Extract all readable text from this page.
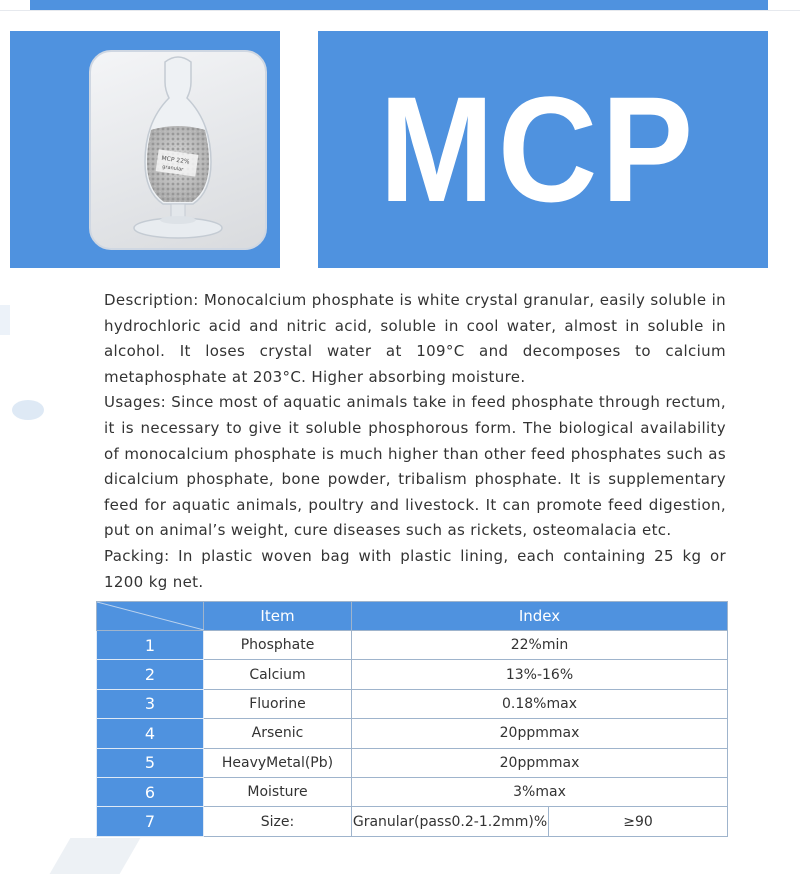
MCP 22%
granular MCP

Description: Monocalcium phosphate is white crystal granular, easily soluble in hydrochloric acid and nitric acid, soluble in cool water, almost in soluble in alcohol. It loses crystal water at 109°C and decomposes to calcium metaphosphate at 203°C. Higher absorbing moisture.

Usages: Since most of aquatic animals take in feed phosphate through rectum, it is necessary to give it soluble phosphorous form. The biological availability of monocalcium phosphate is much higher than other feed phosphates such as dicalcium phosphate, bone powder, tribalism phosphate. It is supplementary feed for aquatic animals, poultry and livestock. It can promote feed digestion, put on animal’s weight, cure diseases such as rickets, osteomalacia etc.

Packing: In plastic woven bag with plastic lining, each containing 25 kg or 1200 kg net.

	Item	Index
1	Phosphate	22%min
2	Calcium	13%-16%
3	Fluorine	0.18%max
4	Arsenic	20ppmmax
5	HeavyMetal(Pb)	20ppmmax
6	Moisture	3%max
7	Size:	Granular(pass0.2-1.2mm)% ≥90
